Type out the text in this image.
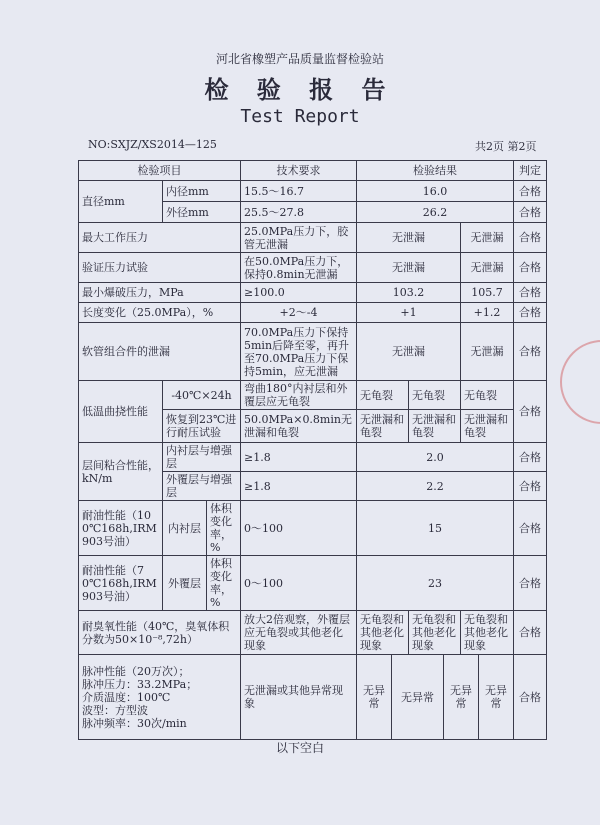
河北省橡塑产品质量监督检验站
检 验 报 告
Test Report
NO:SXJZ/XS2014—125	共2页 第2页
检验项目			技术要求	检验结果						判定
直径mm	内径mm		15.5～16.7	16.0						合格
	外径mm		25.5～27.8	26.2						合格
最大工作压力			25.0MPa压力下，胶管无泄漏	无泄漏				无泄漏		合格
验证压力试验			在50.0MPa压力下，保持0.8min无泄漏	无泄漏				无泄漏		合格
最小爆破压力，MPa			≥100.0	103.2				105.7		合格
长度变化（25.0MPa），%			+2～-4	+1				+1.2		合格
软管组合件的泄漏			70.0MPa压力下保持5min后降至零，再升至70.0MPa压力下保持5min，应无泄漏	无泄漏				无泄漏		合格
低温曲挠性能	-40℃×24h		弯曲180°内衬层和外覆层应无龟裂	无龟裂		无龟裂		无龟裂		合格
	恢复到23℃进行耐压试验		50.0MPa×0.8min无泄漏和龟裂	无泄漏和龟裂		无泄漏和龟裂		无泄漏和龟裂		
层间粘合性能，kN/m	内衬层与增强层		≥1.8	2.0						合格
	外覆层与增强层		≥1.8	2.2						合格
耐油性能（100℃168h,IRM903号油）	内衬层	体积变化率，%	0～100	15						合格
耐油性能（70℃168h,IRM903号油）	外覆层	体积变化率，%	0～100	23						合格
耐臭氧性能（40℃，臭氧体积分数为50×10⁻⁸,72h）			放大2倍观察，外覆层应无龟裂或其他老化现象	无龟裂和其他老化现象		无龟裂和其他老化现象		无龟裂和其他老化现象		合格

脉冲性能（20万次）；
脉冲压力：33.2MPa；
介质温度：100℃
波型：方型波
脉冲频率：30次/min			无泄漏或其他异常现象	无异常	无异常		无异常		无异常	合格
以下空白
